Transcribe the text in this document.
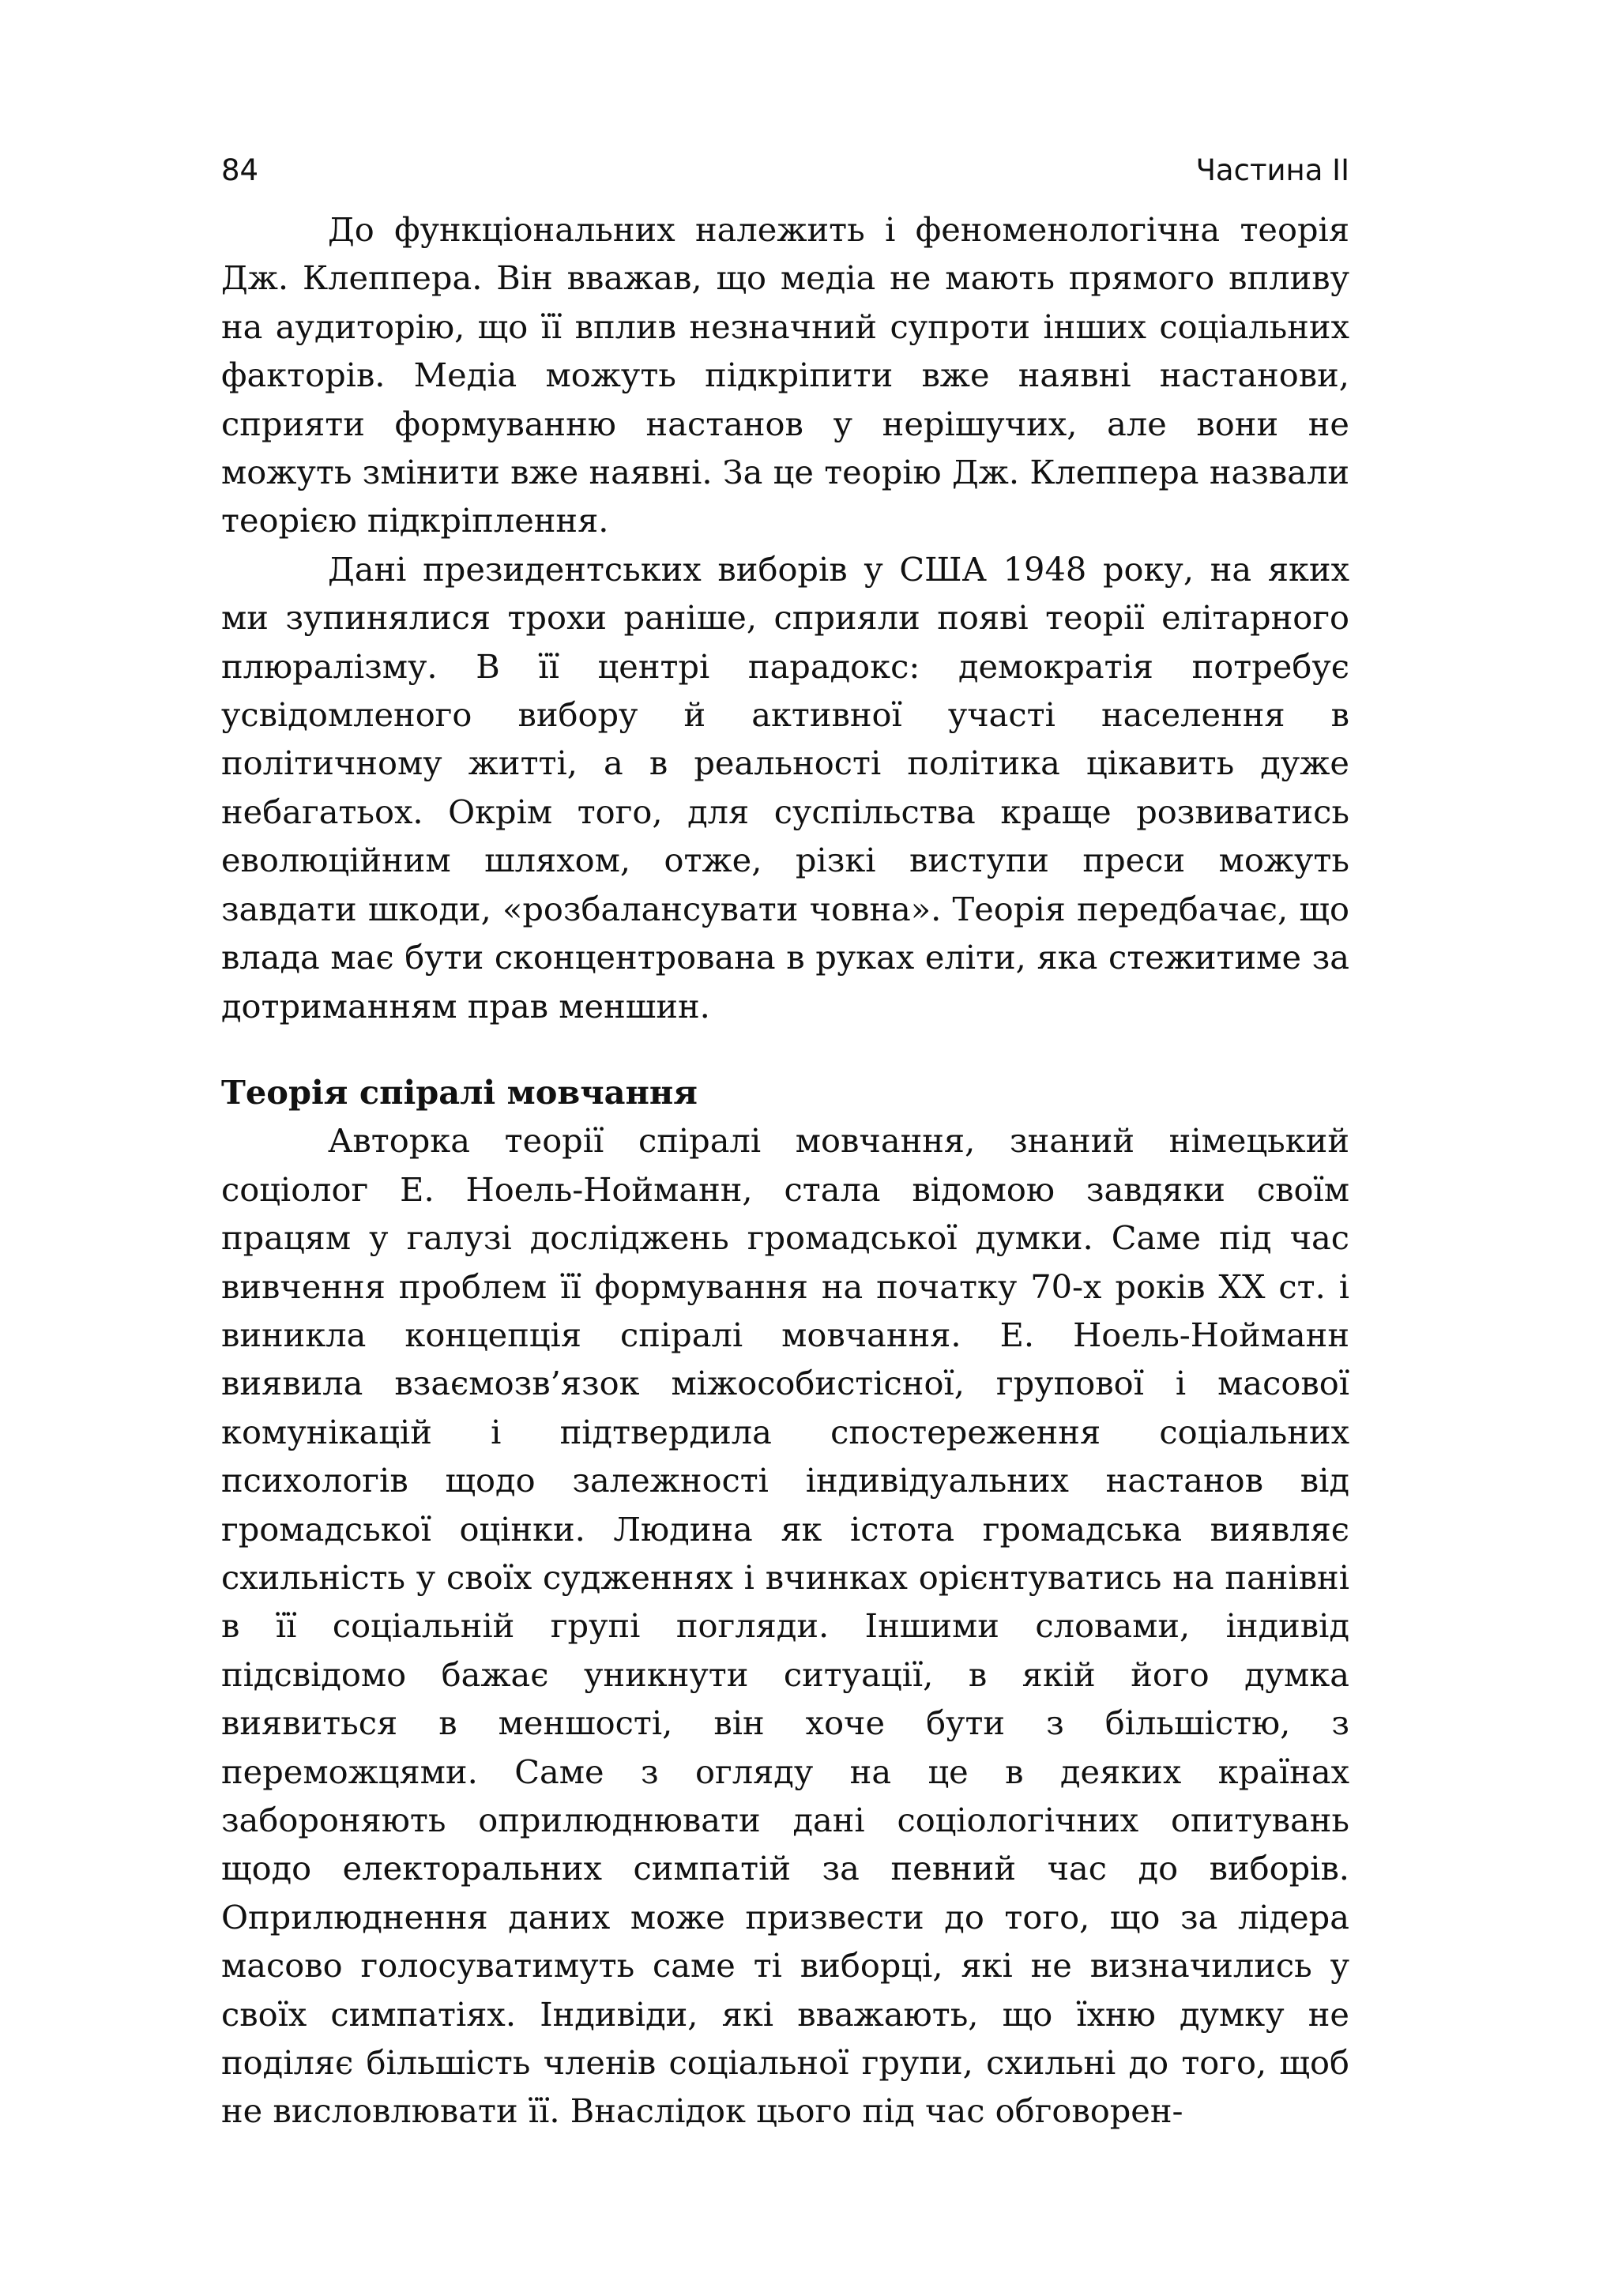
84	Частина II

До функціональних належить і феноменологічна теорія Дж. Клеппера. Він вважав, що медіа не мають прямого впливу на аудиторію, що її вплив незначний супроти інших соціальних факторів. Медіа можуть підкріпити вже наявні настанови, сприяти формуванню настанов у нерішучих, але вони не можуть змінити вже наявні. За це теорію Дж. Клеппера назвали теорією підкріплення.

Дані президентських виборів у США 1948 року, на яких ми зупинялися трохи раніше, сприяли появі теорії елітарного плюралізму. В її центрі парадокс: демократія потребує усвідомленого вибору й активної участі населення в політичному житті, а в реальності політика цікавить дуже небагатьох. Окрім того, для суспільства краще розвиватись еволюційним шляхом, отже, різкі виступи преси можуть завдати шкоди, «розбалансувати човна». Теорія передбачає, що влада має бути сконцентрована в руках еліти, яка стежитиме за дотриманням прав меншин.

Теорія спіралі мовчання

Авторка теорії спіралі мовчання, знаний німецький соціолог Е. Ноель-Нойманн, стала відомою завдяки своїм працям у галузі досліджень громадської думки. Саме під час вивчення проблем її формування на початку 70-х років XX ст. і виникла концепція спіралі мовчання. Е. Ноель-Нойманн виявила взаємозв’язок міжособистісної, групової і масової комунікацій і підтвердила спостереження соціальних психологів щодо залежності індивідуальних настанов від громадської оцінки. Людина як істота громадська виявляє схильність у своїх судженнях і вчинках орієнтуватись на панівні в її соціальній групі погляди. Іншими словами, індивід підсвідомо бажає уникнути ситуації, в якій його думка виявиться в меншості, він хоче бути з більшістю, з переможцями. Саме з огляду на це в деяких країнах забороняють оприлюднювати дані соціологічних опитувань щодо електоральних симпатій за певний час до виборів. Оприлюднення даних може призвести до того, що за лідера масово голосуватимуть саме ті виборці, які не визначились у своїх симпатіях. Індивіди, які вважають, що їхню думку не поділяє більшість членів соціальної групи, схильні до того, щоб не висловлювати її. Внаслідок цього під час обговорен-
